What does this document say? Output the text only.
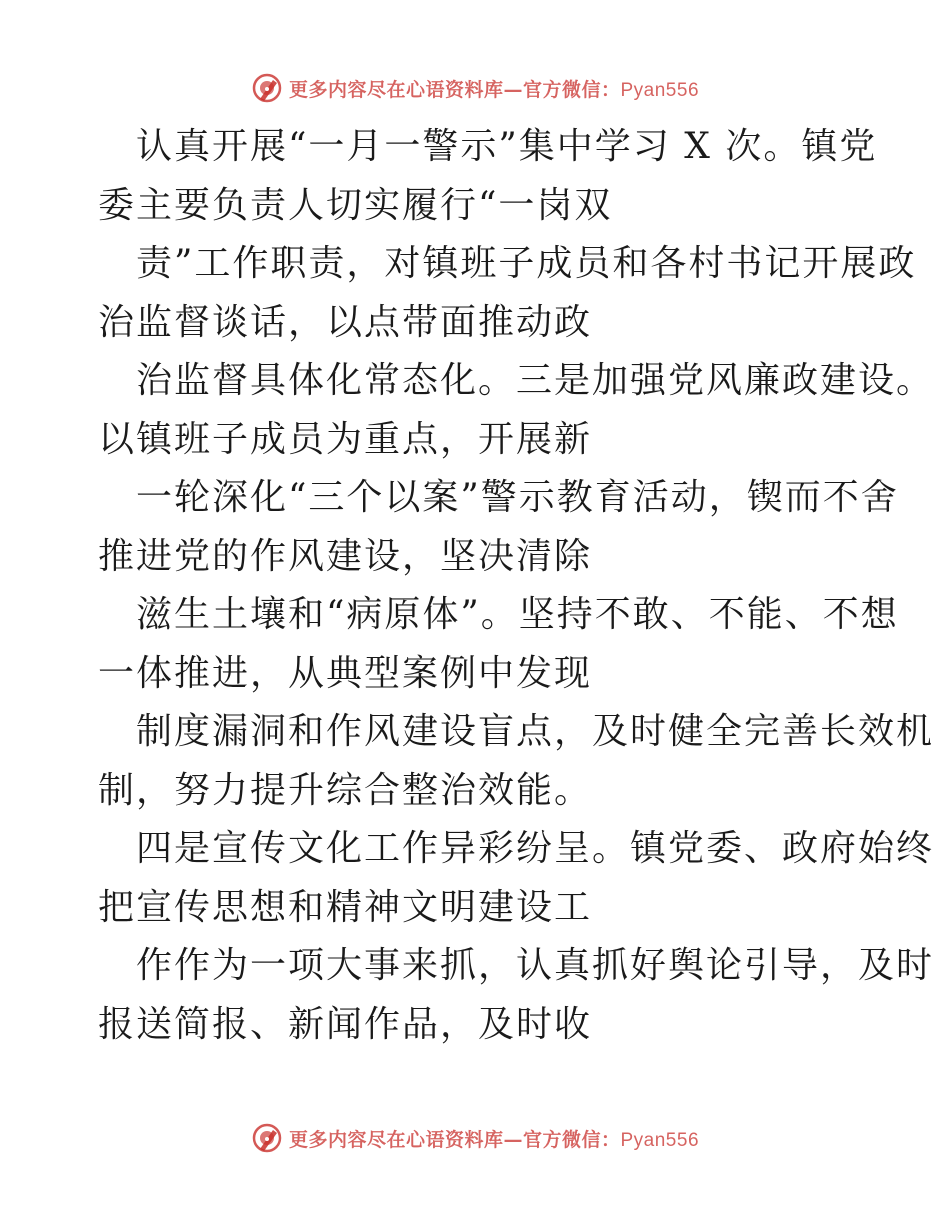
更多内容尽在心语资料库—官方微信：Pyan556
认真开展“一月一警示”集中学习 X 次。镇党
委主要负责人切实履行“一岗双
责”工作职责，对镇班子成员和各村书记开展政
治监督谈话，以点带面推动政
治监督具体化常态化。三是加强党风廉政建设。
以镇班子成员为重点，开展新
一轮深化“三个以案”警示教育活动，锲而不舍
推进党的作风建设，坚决清除
滋生土壤和“病原体”。坚持不敢、不能、不想
一体推进，从典型案例中发现
制度漏洞和作风建设盲点，及时健全完善长效机
制，努力提升综合整治效能。
四是宣传文化工作异彩纷呈。镇党委、政府始终
把宣传思想和精神文明建设工
作作为一项大事来抓，认真抓好舆论引导，及时
报送简报、新闻作品，及时收
更多内容尽在心语资料库—官方微信：Pyan556
